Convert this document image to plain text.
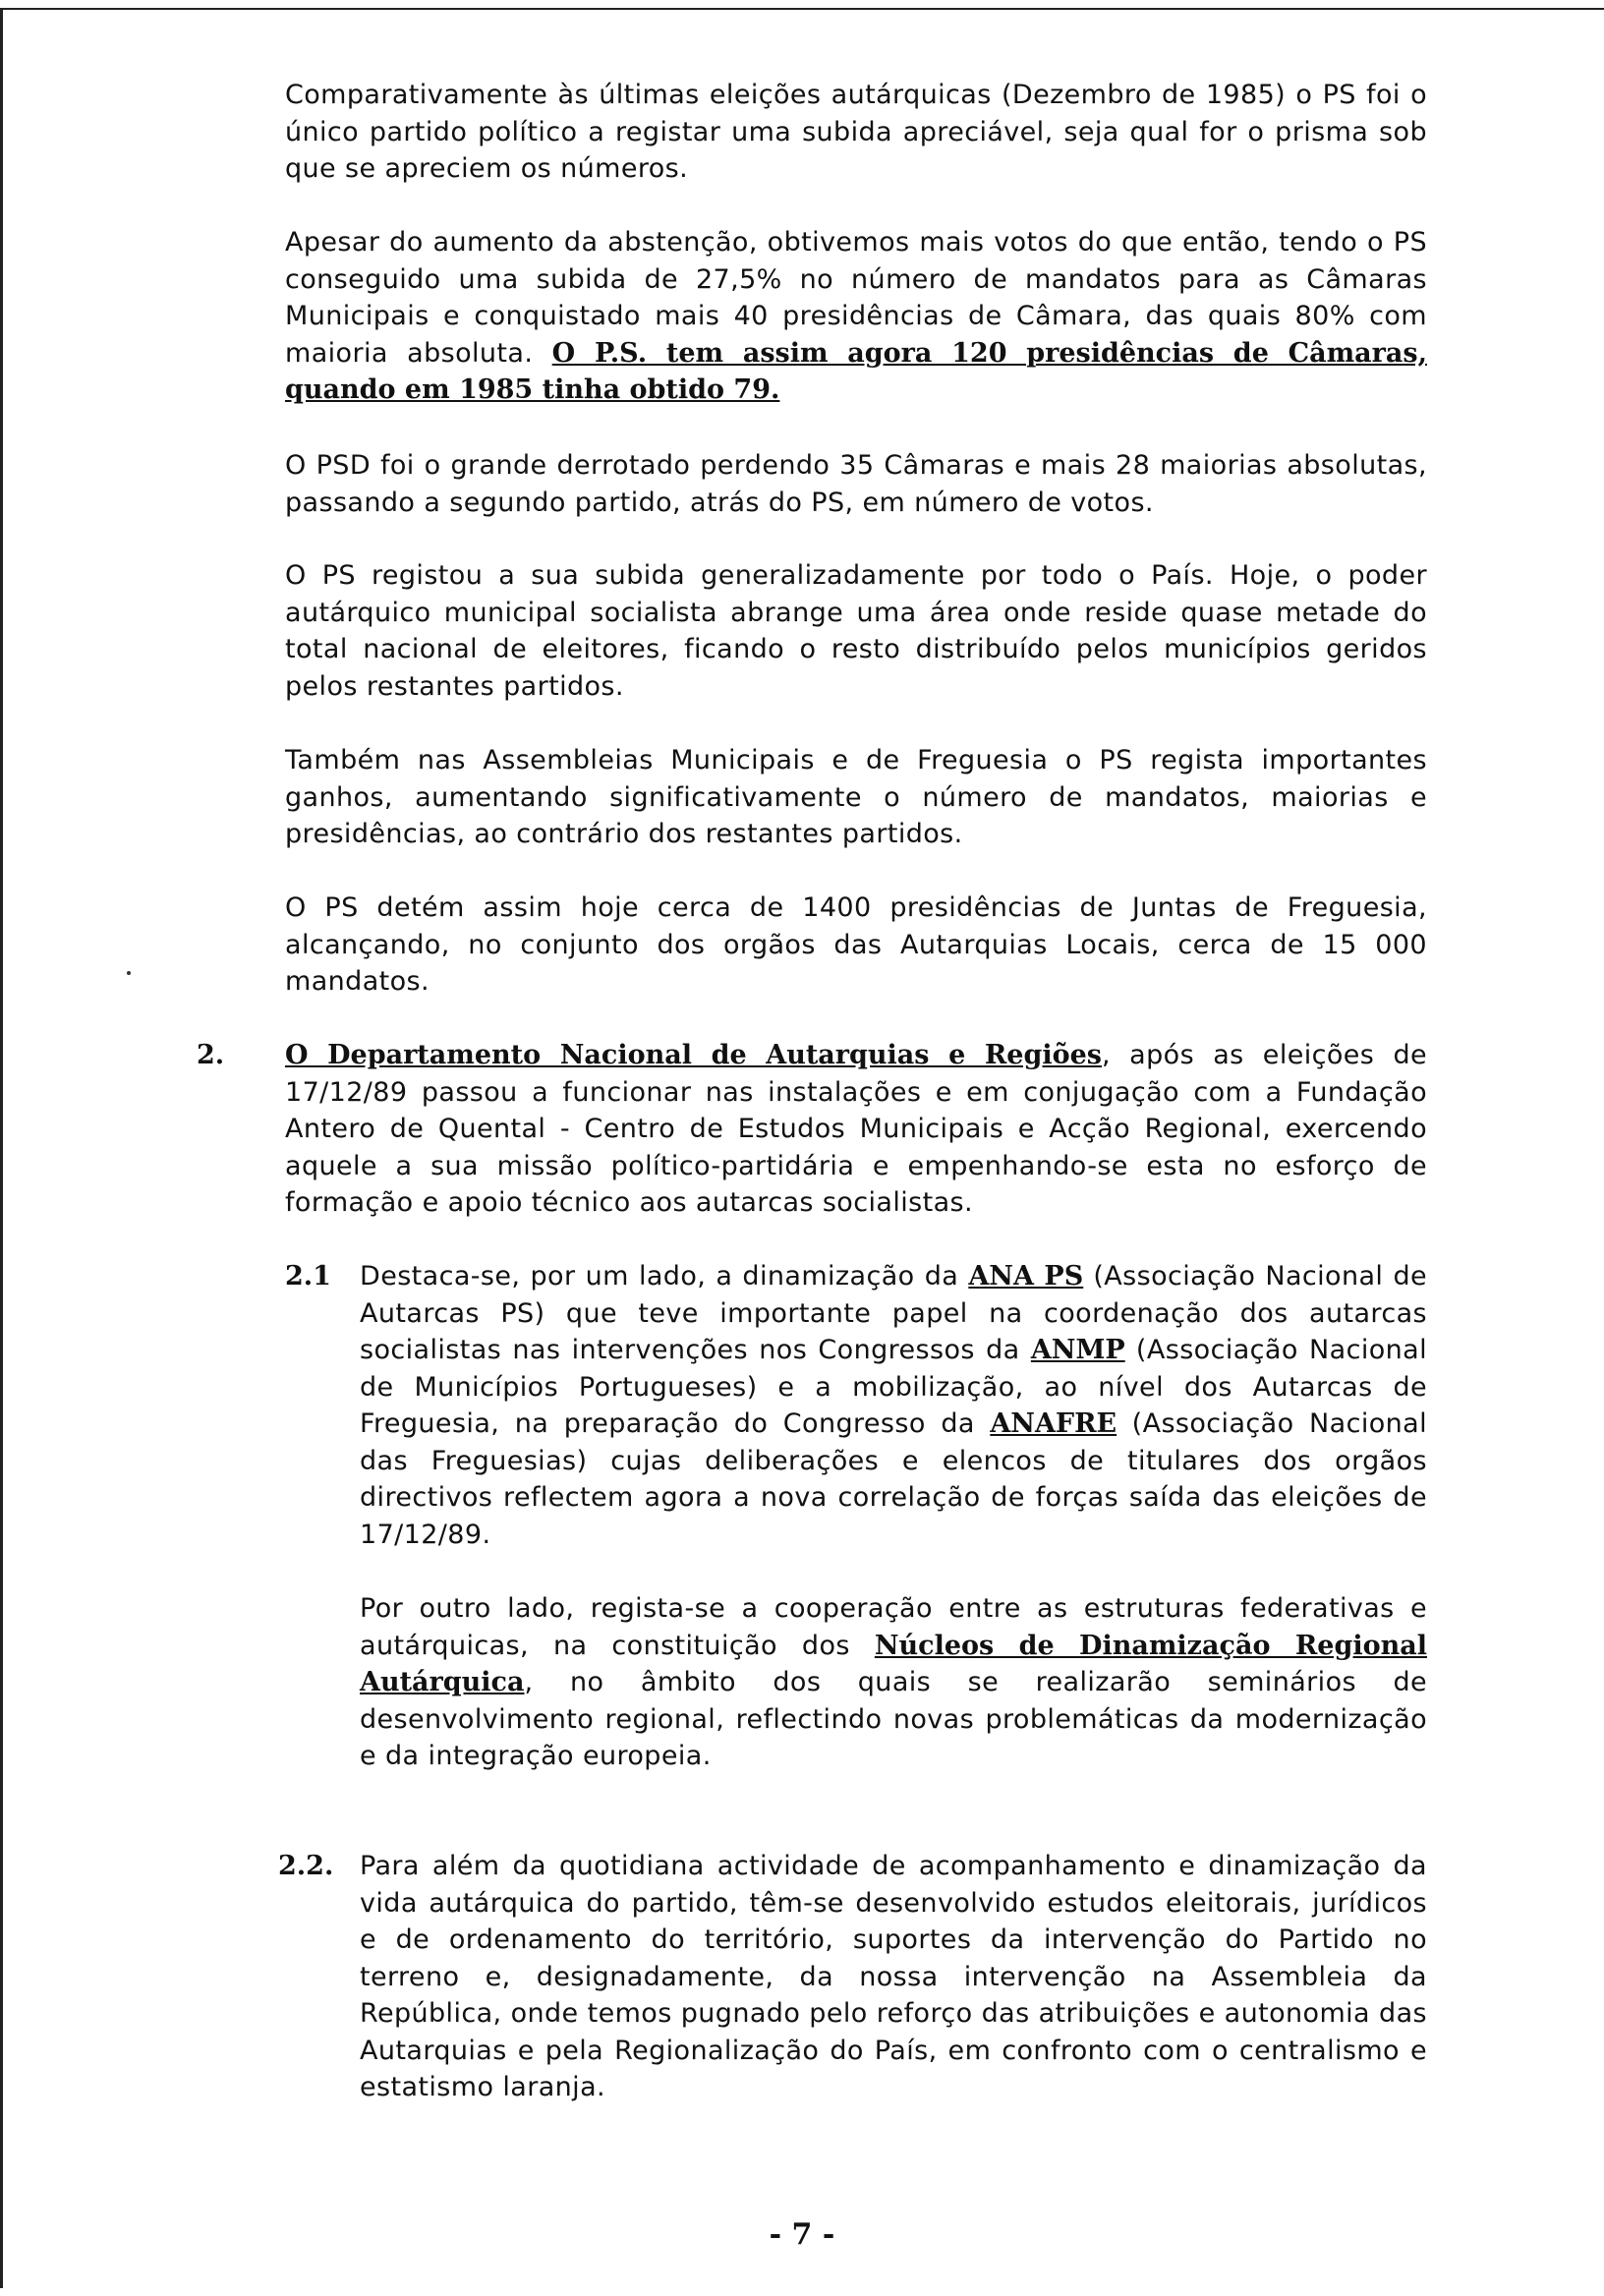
Comparativamente às últimas eleições autárquicas (Dezembro de 1985) o PS foi o único partido político a registar uma subida apreciável, seja qual for o prisma sob que se apreciem os números.

Apesar do aumento da abstenção, obtivemos mais votos do que então, tendo o PS conseguido uma subida de 27,5% no número de mandatos para as Câmaras Municipais e conquistado mais 40 presidências de Câmara, das quais 80% com maioria absoluta. O P.S. tem assim agora 120 presidências de Câmaras, quando em 1985 tinha obtido 79.

O PSD foi o grande derrotado perdendo 35 Câmaras e mais 28 maiorias absolutas, passando a segundo partido, atrás do PS, em número de votos.

O PS registou a sua subida generalizadamente por todo o País. Hoje, o poder autárquico municipal socialista abrange uma área onde reside quase metade do total nacional de eleitores, ficando o resto distribuído pelos municípios geridos pelos restantes partidos.

Também nas Assembleias Municipais e de Freguesia o PS regista importantes ganhos, aumentando significativamente o número de mandatos, maiorias e presidências, ao contrário dos restantes partidos.

O PS detém assim hoje cerca de 1400 presidências de Juntas de Freguesia, alcançando, no conjunto dos orgãos das Autarquias Locais, cerca de 15 000 mandatos.

2. O Departamento Nacional de Autarquias e Regiões, após as eleições de 17/12/89 passou a funcionar nas instalações e em conjugação com a Fundação Antero de Quental - Centro de Estudos Municipais e Acção Regional, exercendo aquele a sua missão político-partidária e empenhando-se esta no esforço de formação e apoio técnico aos autarcas socialistas.

2.1 Destaca-se, por um lado, a dinamização da ANA PS (Associação Nacional de Autarcas PS) que teve importante papel na coordenação dos autarcas socialistas nas intervenções nos Congressos da ANMP (Associação Nacional de Municípios Portugueses) e a mobilização, ao nível dos Autarcas de Freguesia, na preparação do Congresso da ANAFRE (Associação Nacional das Freguesias) cujas deliberações e elencos de titulares dos orgãos directivos reflectem agora a nova correlação de forças saída das eleições de 17/12/89.

Por outro lado, regista-se a cooperação entre as estruturas federativas e autárquicas, na constituição dos Núcleos de Dinamização Regional Autárquica, no âmbito dos quais se realizarão seminários de desenvolvimento regional, reflectindo novas problemáticas da modernização e da integração europeia.

2.2. Para além da quotidiana actividade de acompanhamento e dinamização da vida autárquica do partido, têm-se desenvolvido estudos eleitorais, jurídicos e de ordenamento do território, suportes da intervenção do Partido no terreno e, designadamente, da nossa intervenção na Assembleia da República, onde temos pugnado pelo reforço das atribuições e autonomia das Autarquias e pela Regionalização do País, em confronto com o centralismo e estatismo laranja.

- 7 -
